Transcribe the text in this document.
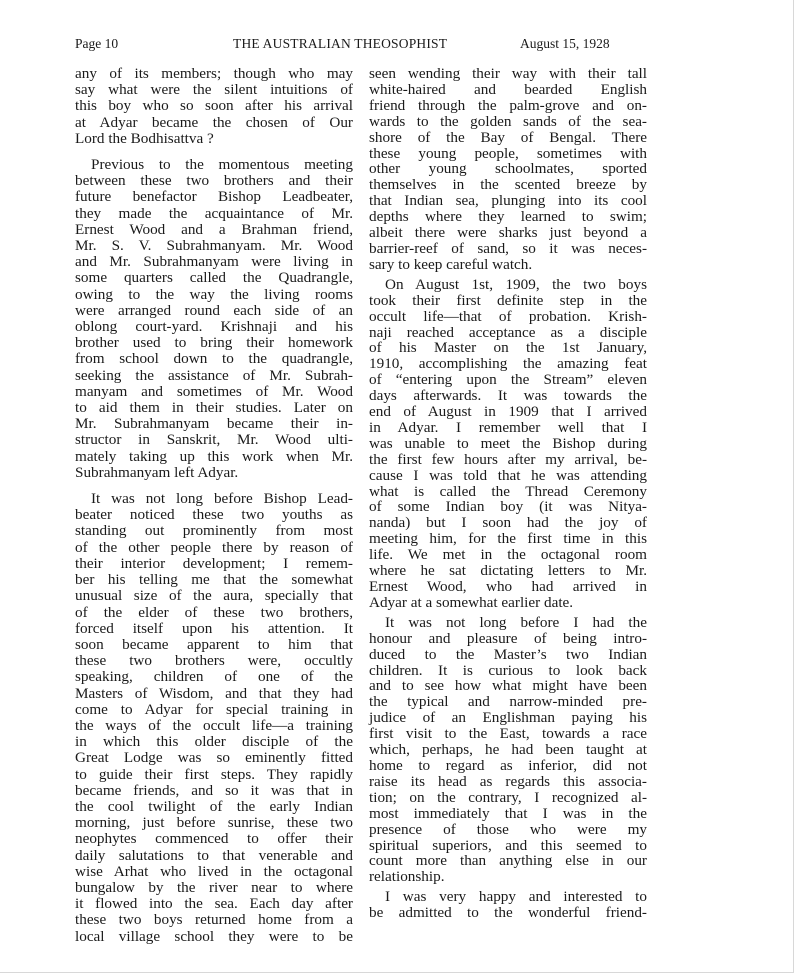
Page 10	THE AUSTRALIAN THEOSOPHIST	August 15, 1928
any of its members; though who may
say what were the silent intuitions of
this boy who so soon after his arrival
at Adyar became the chosen of Our
Lord the Bodhisattva ?
Previous to the momentous meeting
between these two brothers and their
future benefactor Bishop Leadbeater,
they made the acquaintance of Mr.
Ernest Wood and a Brahman friend,
Mr. S. V. Subrahmanyam. Mr. Wood
and Mr. Subrahmanyam were living in
some quarters called the Quadrangle,
owing to the way the living rooms
were arranged round each side of an
oblong court-yard. Krishnaji and his
brother used to bring their homework
from school down to the quadrangle,
seeking the assistance of Mr. Subrah-
manyam and sometimes of Mr. Wood
to aid them in their studies. Later on
Mr. Subrahmanyam became their in-
structor in Sanskrit, Mr. Wood ulti-
mately taking up this work when Mr.
Subrahmanyam left Adyar.
It was not long before Bishop Lead-
beater noticed these two youths as
standing out prominently from most
of the other people there by reason of
their interior development; I remem-
ber his telling me that the somewhat
unusual size of the aura, specially that
of the elder of these two brothers,
forced itself upon his attention. It
soon became apparent to him that
these two brothers were, occultly
speaking, children of one of the
Masters of Wisdom, and that they had
come to Adyar for special training in
the ways of the occult life—a training
in which this older disciple of the
Great Lodge was so eminently fitted
to guide their first steps. They rapidly
became friends, and so it was that in
the cool twilight of the early Indian
morning, just before sunrise, these two
neophytes commenced to offer their
daily salutations to that venerable and
wise Arhat who lived in the octagonal
bungalow by the river near to where
it flowed into the sea. Each day after
these two boys returned home from a
local village school they were to be
seen wending their way with their tall
white-haired and bearded English
friend through the palm-grove and on-
wards to the golden sands of the sea-
shore of the Bay of Bengal. There
these young people, sometimes with
other young schoolmates, sported
themselves in the scented breeze by
that Indian sea, plunging into its cool
depths where they learned to swim;
albeit there were sharks just beyond a
barrier-reef of sand, so it was neces-
sary to keep careful watch.
On August 1st, 1909, the two boys
took their first definite step in the
occult life—that of probation. Krish-
naji reached acceptance as a disciple
of his Master on the 1st January,
1910, accomplishing the amazing feat
of “entering upon the Stream” eleven
days afterwards. It was towards the
end of August in 1909 that I arrived
in Adyar. I remember well that I
was unable to meet the Bishop during
the first few hours after my arrival, be-
cause I was told that he was attending
what is called the Thread Ceremony
of some Indian boy (it was Nitya-
nanda) but I soon had the joy of
meeting him, for the first time in this
life. We met in the octagonal room
where he sat dictating letters to Mr.
Ernest Wood, who had arrived in
Adyar at a somewhat earlier date.
It was not long before I had the
honour and pleasure of being intro-
duced to the Master’s two Indian
children. It is curious to look back
and to see how what might have been
the typical and narrow-minded pre-
judice of an Englishman paying his
first visit to the East, towards a race
which, perhaps, he had been taught at
home to regard as inferior, did not
raise its head as regards this associa-
tion; on the contrary, I recognized al-
most immediately that I was in the
presence of those who were my
spiritual superiors, and this seemed to
count more than anything else in our
relationship.
I was very happy and interested to
be admitted to the wonderful friend-
